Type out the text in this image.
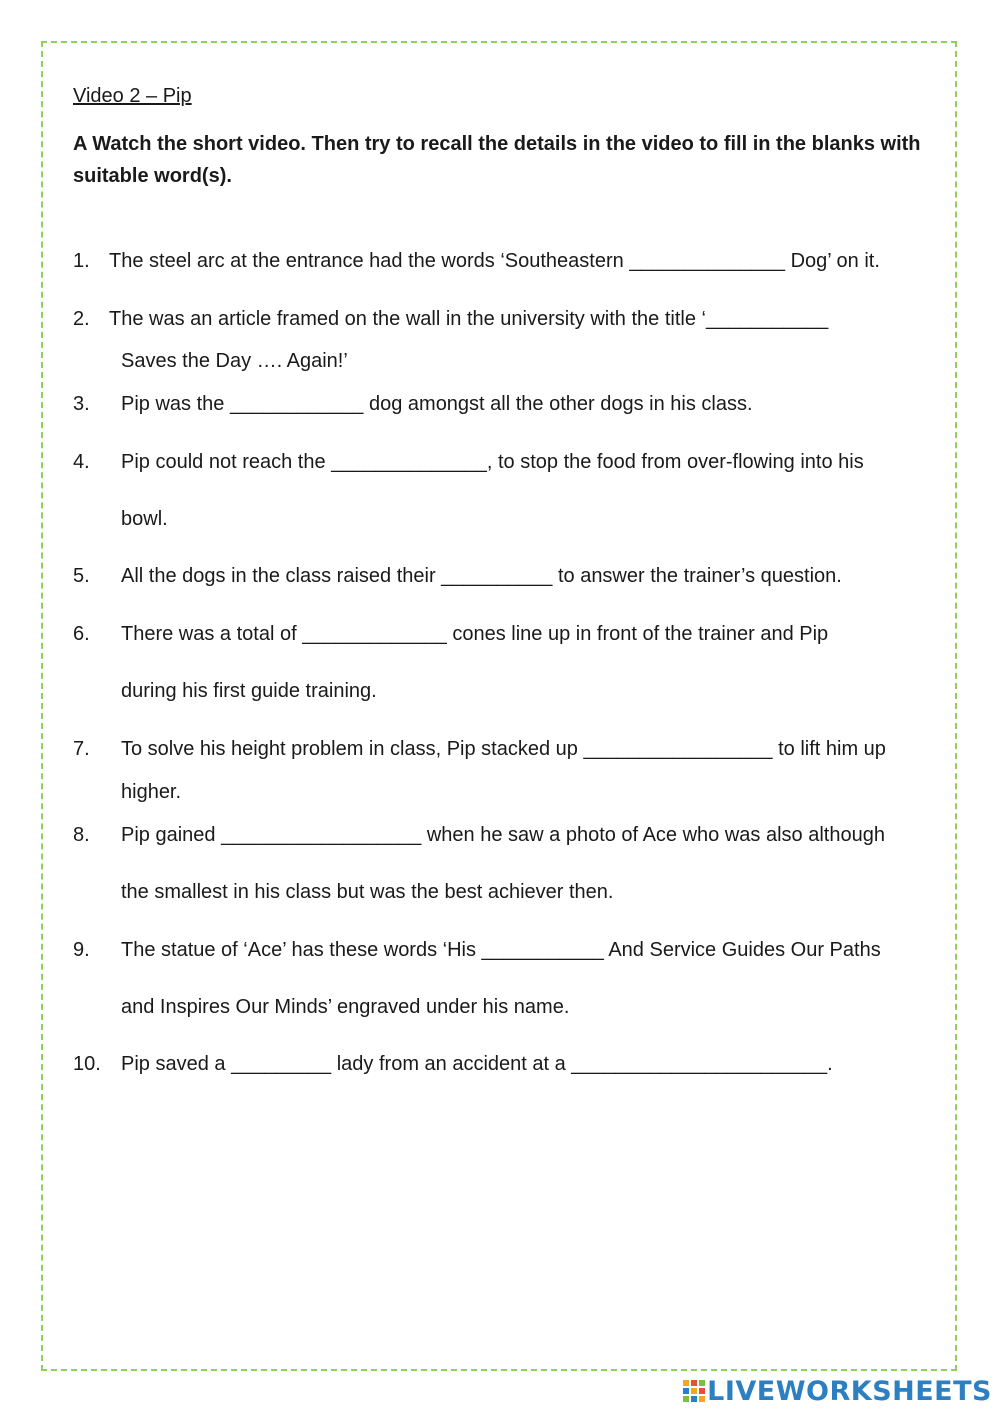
Video 2 – Pip
A Watch the short video. Then try to recall the details in the video to fill in the blanks with suitable word(s).
1. The steel arc at the entrance had the words ‘Southeastern ______________ Dog’ on it.
2. The was an article framed on the wall in the university with the title ‘___________
Saves the Day …. Again!’
3. Pip was the ____________ dog amongst all the other dogs in his class.
4. Pip could not reach the ______________, to stop the food from over-flowing into his
bowl.
5. All the dogs in the class raised their __________ to answer the trainer’s question.
6. There was a total of _____________ cones line up in front of the trainer and Pip
during his first guide training.
7. To solve his height problem in class, Pip stacked up _________________ to lift him up
higher.
8. Pip gained __________________ when he saw a photo of Ace who was also although
the smallest in his class but was the best achiever then.
9. The statue of ‘Ace’ has these words ‘His ___________ And Service Guides Our Paths
and Inspires Our Minds’ engraved under his name.
10. Pip saved a _________ lady from an accident at a _______________________.
LIVEWORKSHEETS
